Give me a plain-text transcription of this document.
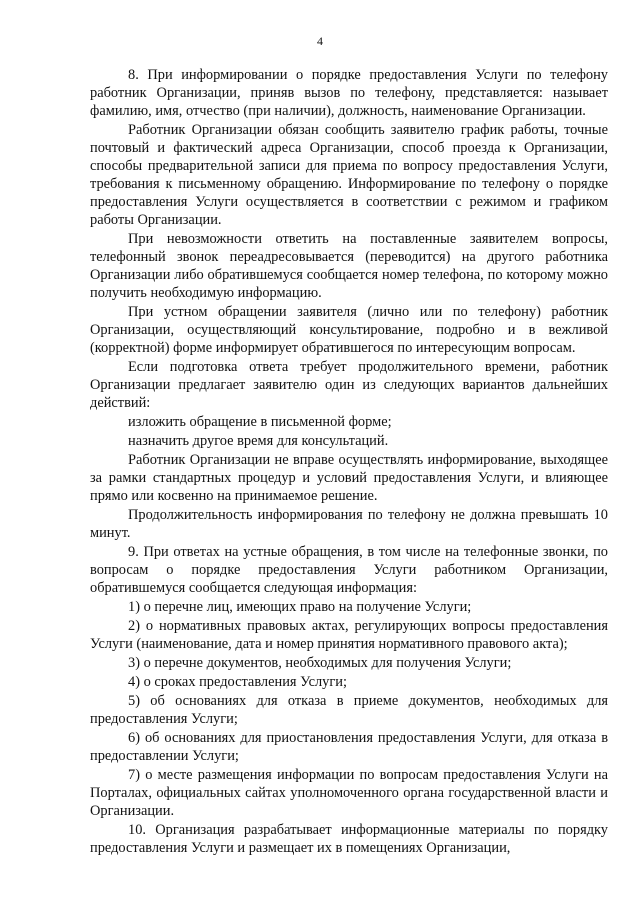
4

8. При информировании о порядке предоставления Услуги по телефону работник Организации, приняв вызов по телефону, представляется: называет фамилию, имя, отчество (при наличии), должность, наименование Организации.

Работник Организации обязан сообщить заявителю график работы, точные почтовый и фактический адреса Организации, способ проезда к Организации, способы предварительной записи для приема по вопросу предоставления Услуги, требования к письменному обращению. Информирование по телефону о порядке предоставления Услуги осуществляется в соответствии с режимом и графиком работы Организации.

При невозможности ответить на поставленные заявителем вопросы, телефонный звонок переадресовывается (переводится) на другого работника Организации либо обратившемуся сообщается номер телефона, по которому можно получить необходимую информацию.

При устном обращении заявителя (лично или по телефону) работник Организации, осуществляющий консультирование, подробно и в вежливой (корректной) форме информирует обратившегося по интересующим вопросам.

Если подготовка ответа требует продолжительного времени, работник Организации предлагает заявителю один из следующих вариантов дальнейших действий:

изложить обращение в письменной форме;

назначить другое время для консультаций.

Работник Организации не вправе осуществлять информирование, выходящее за рамки стандартных процедур и условий предоставления Услуги, и влияющее прямо или косвенно на принимаемое решение.

Продолжительность информирования по телефону не должна превышать 10 минут.

9. При ответах на устные обращения, в том числе на телефонные звонки, по вопросам о порядке предоставления Услуги работником Организации, обратившемуся сообщается следующая информация:

1) о перечне лиц, имеющих право на получение Услуги;

2) о нормативных правовых актах, регулирующих вопросы предоставления Услуги (наименование, дата и номер принятия нормативного правового акта);

3) о перечне документов, необходимых для получения Услуги;

4) о сроках предоставления Услуги;

5) об основаниях для отказа в приеме документов, необходимых для предоставления Услуги;

6) об основаниях для приостановления предоставления Услуги, для отказа в предоставлении Услуги;

7) о месте размещения информации по вопросам предоставления Услуги на Порталах, официальных сайтах уполномоченного органа государственной власти и Организации.

10. Организация разрабатывает информационные материалы по порядку предоставления Услуги и размещает их в помещениях Организации,
